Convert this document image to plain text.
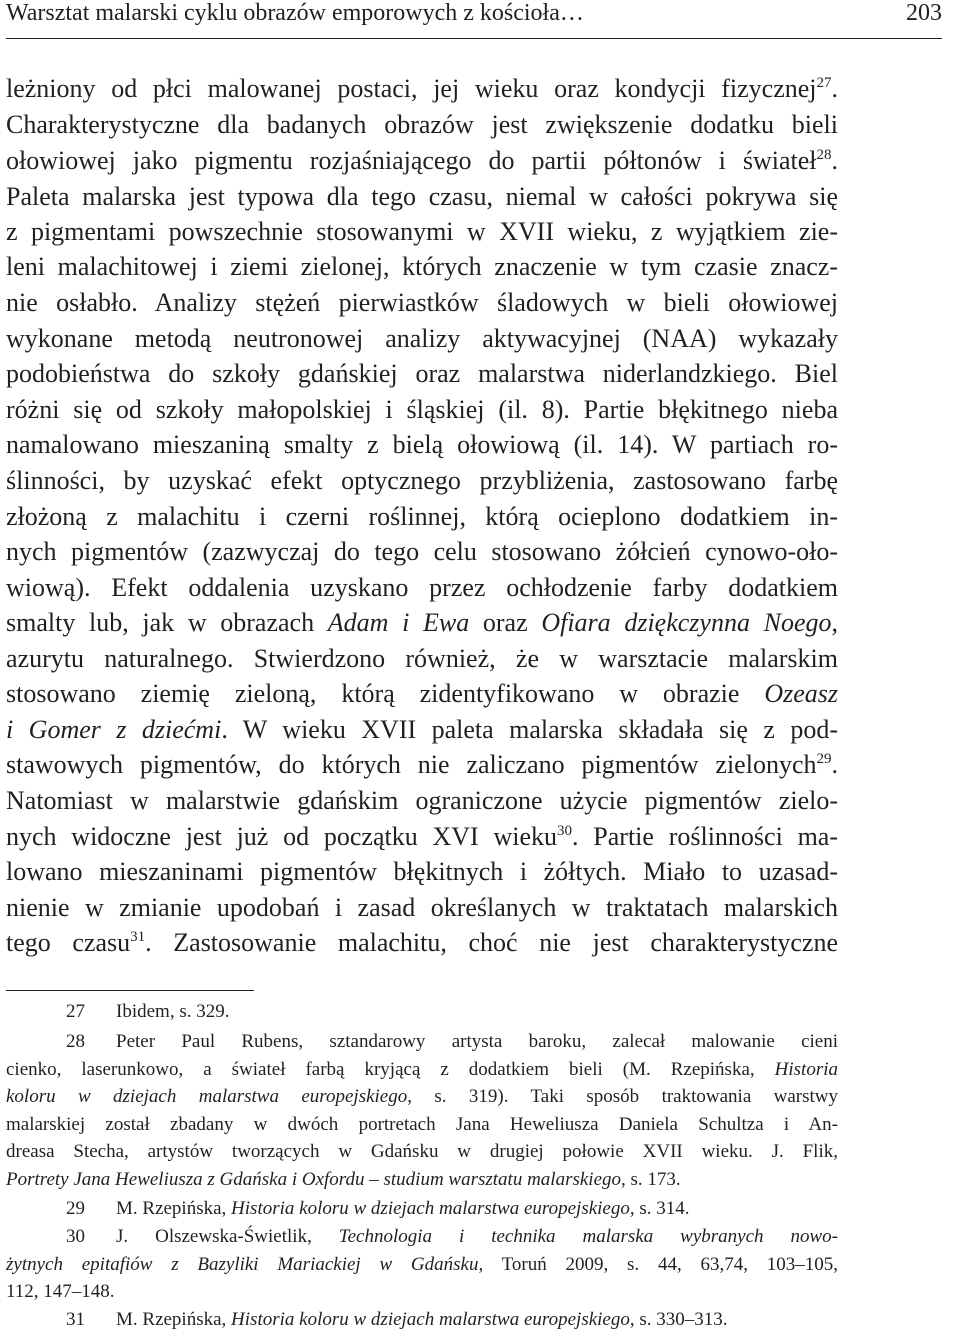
Warsztat malarski cyklu obrazów emporowych z kościoła…	203
leżniony od płci malowanej postaci, jej wieku oraz kondycji fizycznej$^{27}$.
Charakterystyczne dla badanych obrazów jest zwiększenie dodatku bieli
ołowiowej jako pigmentu rozjaśniającego do partii półtonów i świateł$^{28}$.
Paleta malarska jest typowa dla tego czasu, niemal w całości pokrywa się
z pigmentami powszechnie stosowanymi w XVII wieku, z wyjątkiem zie-
leni malachitowej i ziemi zielonej, których znaczenie w tym czasie znacz-
nie osłabło. Analizy stężeń pierwiastków śladowych w bieli ołowiowej
wykonane metodą neutronowej analizy aktywacyjnej (NAA) wykazały
podobieństwa do szkoły gdańskiej oraz malarstwa niderlandzkiego. Biel
różni się od szkoły małopolskiej i śląskiej (il. 8). Partie błękitnego nieba
namalowano mieszaniną smalty z bielą ołowiową (il. 14). W partiach ro-
ślinności, by uzyskać efekt optycznego przybliżenia, zastosowano farbę
złożoną z malachitu i czerni roślinnej, którą ocieplono dodatkiem in-
nych pigmentów (zazwyczaj do tego celu stosowano żółcień cynowo-oło-
wiową). Efekt oddalenia uzyskano przez ochłodzenie farby dodatkiem
smalty lub, jak w obrazach Adam i Ewa oraz Ofiara dziękczynna Noego,
azurytu naturalnego. Stwierdzono również, że w warsztacie malarskim
stosowano ziemię zieloną, którą zidentyfikowano w obrazie Ozeasz
i Gomer z dziećmi. W wieku XVII paleta malarska składała się z pod-
stawowych pigmentów, do których nie zaliczano pigmentów zielonych$^{29}$.
Natomiast w malarstwie gdańskim ograniczone użycie pigmentów zielo-
nych widoczne jest już od początku XVI wieku$^{30}$. Partie roślinności ma-
lowano mieszaninami pigmentów błękitnych i żółtych. Miało to uzasad-
nienie w zmianie upodobań i zasad określanych w traktatach malarskich
tego czasu$^{31}$. Zastosowanie malachitu, choć nie jest charakterystyczne
27 Ibidem, s. 329.
28 Peter Paul Rubens, sztandarowy artysta baroku, zalecał malowanie cieni
cienko, laserunkowo, a świateł farbą kryjącą z dodatkiem bieli (M. Rzepińska, Historia
koloru w dziejach malarstwa europejskiego, s. 319). Taki sposób traktowania warstwy
malarskiej został zbadany w dwóch portretach Jana Heweliusza Daniela Schultza i An-
dreasa Stecha, artystów tworzących w Gdańsku w drugiej połowie XVII wieku. J. Flik,
Portrety Jana Heweliusza z Gdańska i Oxfordu – studium warsztatu malarskiego, s. 173.
29 M. Rzepińska, Historia koloru w dziejach malarstwa europejskiego, s. 314.
30 J. Olszewska-Świetlik, Technologia i technika malarska wybranych nowo-
żytnych epitafiów z Bazyliki Mariackiej w Gdańsku, Toruń 2009, s. 44, 63,74, 103–105,
112, 147–148.
31 M. Rzepińska, Historia koloru w dziejach malarstwa europejskiego, s. 330–313.
